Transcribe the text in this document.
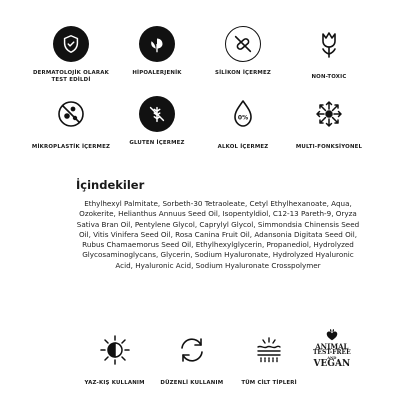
DERMATOLOJİK OLARAK TEST EDİLDİ
HİPOALERJENİK	SİLİKON İÇERMEZ
NON-TOXIC
MİKROPLASTİK İÇERMEZ
GLUTEN İÇERMEZ
0%
ALKOL İÇERMEZ	MULTI-FONKSİYONEL
İçindekiler
Ethylhexyl Palmitate, Sorbeth-30 Tetraoleate, Cetyl Ethylhexanoate, Aqua, Ozokerite, Helianthus Annuus Seed Oil, Isopentyldiol, C12-13 Pareth-9, Oryza Sativa Bran Oil, Pentylene Glycol, Caprylyl Glycol, Simmondsia Chinensis Seed Oil, Vitis Vinifera Seed Oil, Rosa Canina Fruit Oil, Adansonia Digitata Seed Oil, Rubus Chamaemorus Seed Oil, Ethylhexylglycerin, Propanediol, Hydrolyzed Glycosaminoglycans, Glycerin, Sodium Hyaluronate, Hydrolyzed Hyaluronic Acid, Hyaluronic Acid, Sodium Hyaluronate Crosspolymer
YAZ-KIŞ KULLANIM	DÜZENLİ KULLANIM	TÜM CİLT TİPLERİ
ANIMAL
TEST-FREE
AND
VEGAN
